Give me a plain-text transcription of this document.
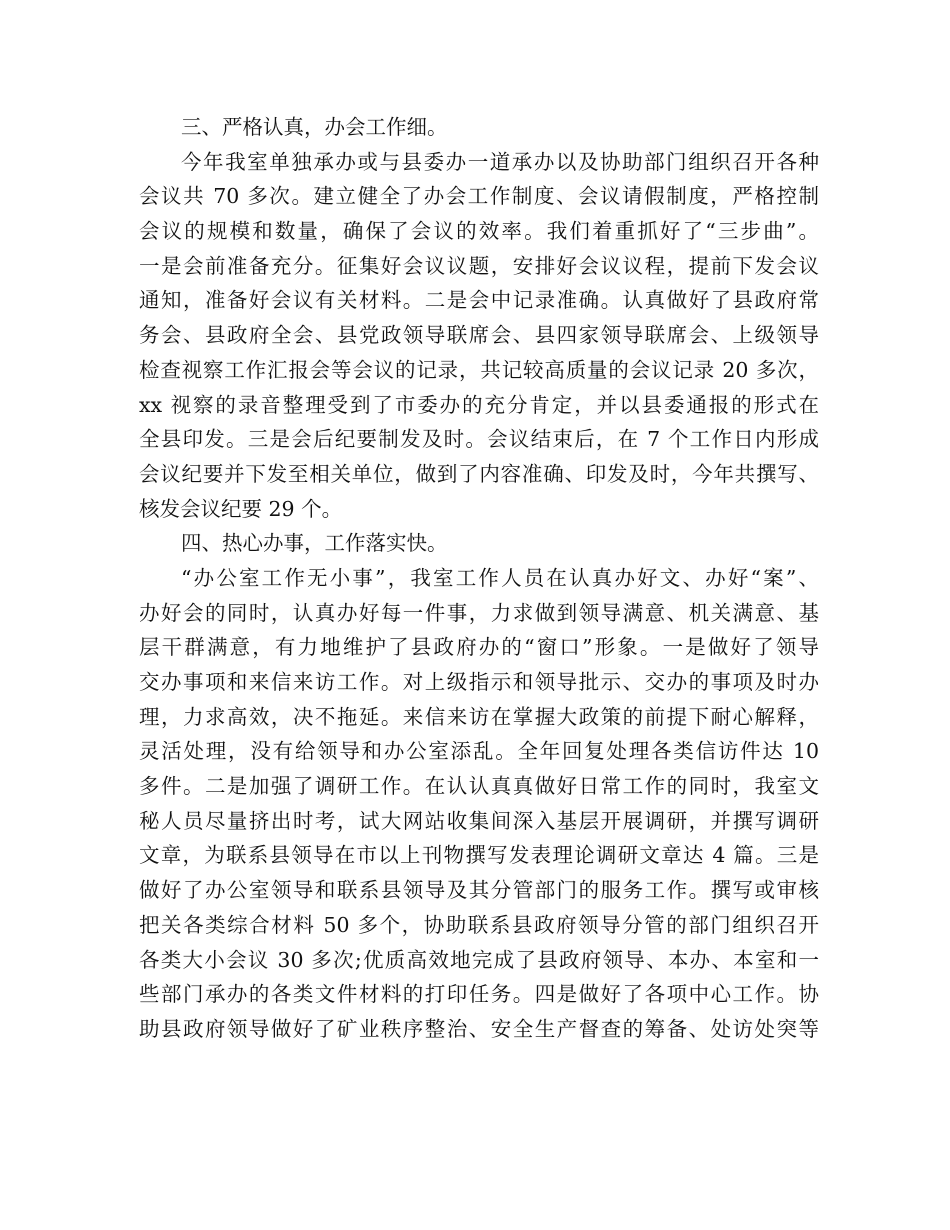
三、严格认真，办会工作细。
今年我室单独承办或与县委办一道承办以及协助部门组织召开各种
会议共 70 多次。建立健全了办会工作制度、会议请假制度，严格控制
会议的规模和数量，确保了会议的效率。我们着重抓好了“三步曲”。
一是会前准备充分。征集好会议议题，安排好会议议程，提前下发会议
通知，准备好会议有关材料。二是会中记录准确。认真做好了县政府常
务会、县政府全会、县党政领导联席会、县四家领导联席会、上级领导
检查视察工作汇报会等会议的记录，共记较高质量的会议记录 20 多次，
xx 视察的录音整理受到了市委办的充分肯定，并以县委通报的形式在
全县印发。三是会后纪要制发及时。会议结束后，在 7 个工作日内形成
会议纪要并下发至相关单位，做到了内容准确、印发及时，今年共撰写、
核发会议纪要 29 个。
四、热心办事，工作落实快。
“办公室工作无小事”，我室工作人员在认真办好文、办好“案”、
办好会的同时，认真办好每一件事，力求做到领导满意、机关满意、基
层干群满意，有力地维护了县政府办的“窗口”形象。一是做好了领导
交办事项和来信来访工作。对上级指示和领导批示、交办的事项及时办
理，力求高效，决不拖延。来信来访在掌握大政策的前提下耐心解释，
灵活处理，没有给领导和办公室添乱。全年回复处理各类信访件达 10
多件。二是加强了调研工作。在认认真真做好日常工作的同时，我室文
秘人员尽量挤出时考，试大网站收集间深入基层开展调研，并撰写调研
文章，为联系县领导在市以上刊物撰写发表理论调研文章达 4 篇。三是
做好了办公室领导和联系县领导及其分管部门的服务工作。撰写或审核
把关各类综合材料 50 多个，协助联系县政府领导分管的部门组织召开
各类大小会议 30 多次;优质高效地完成了县政府领导、本办、本室和一
些部门承办的各类文件材料的打印任务。四是做好了各项中心工作。协
助县政府领导做好了矿业秩序整治、安全生产督查的筹备、处访处突等
